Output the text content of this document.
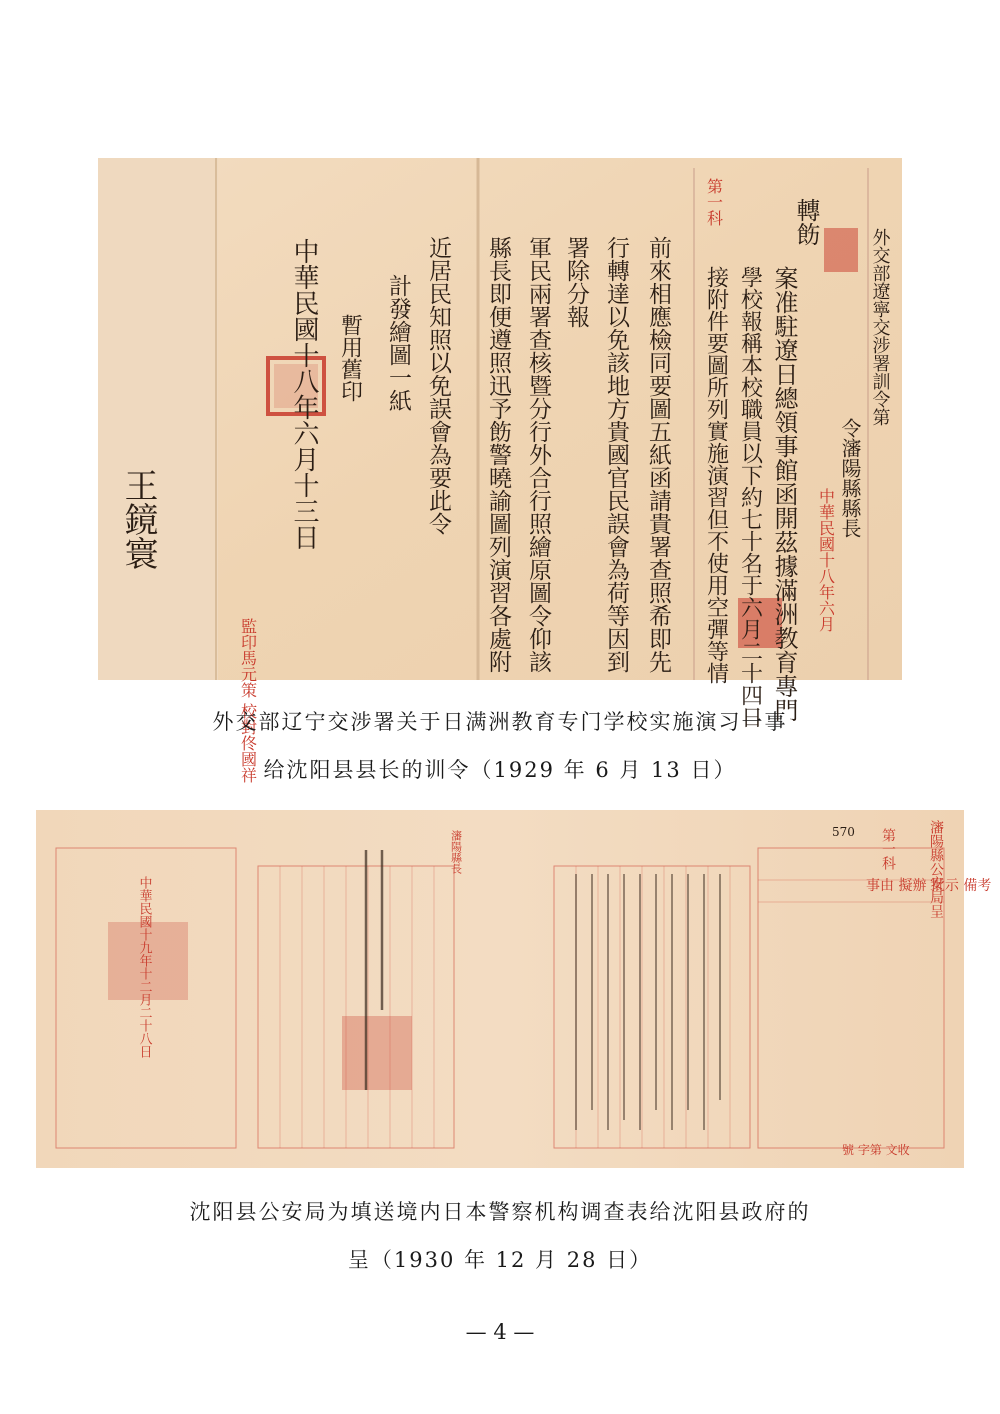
第一科
中華民國十八年六月
監印馬元策 校對佟國祥
外交部遼寧交涉署訓令第
令瀋陽縣縣長
轉飭
案准駐遼日總領事館函開茲據滿洲教育專門
學校報稱本校職員以下約七十名于六月二十四日
接附件要圖所列實施演習但不使用空彈等情
前來相應檢同要圖五紙函請貴署查照希即先
行轉達以免該地方貴國官民誤會為荷等因到
署除分報
軍民兩署查核暨分行外合行照繪原圖令仰該
縣長即便遵照迅予飭警曉諭圖列演習各處附
近居民知照以免誤會為要此令
計發繪圖一紙
暫用舊印
中華民國十八年六月十三日
王鏡寰
外交部辽宁交涉署关于日满洲教育专门学校实施演习一事
给沈阳县县长的训令（1929 年 6 月 13 日）
中華民國十九年十二月二十八日
瀋陽縣長
事由 擬辦 批示 備考
瀋陽縣公安局呈
號 字第 文收
570 第一科
沈阳县公安局为填送境内日本警察机构调查表给沈阳县政府的
呈（1930 年 12 月 28 日）
— 4 —
